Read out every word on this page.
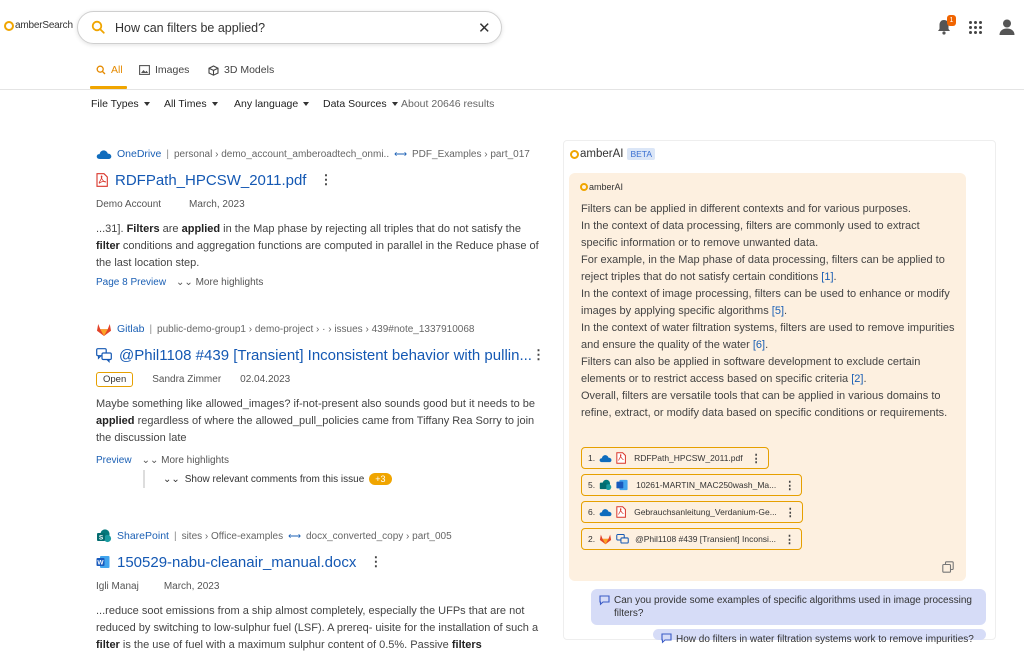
amberSearch	How can filters be applied?	✕	1
All	Images	3D Models
File Types All Times	Any language Data Sources About 20646 results
OneDrive | personal › demo_account_amberoadtech_onmi.. ⟷ PDF_Examples › part_017
RDFPath_HPCSW_2011.pdf ⋮
Demo Account	March, 2023
...31]. Filters are applied in the Map phase by rejecting all triples that do not satisfy the filter conditions and aggregation functions are computed in parallel in the Reduce phase of the last location step.
Page 8 Preview ⌄⌄ More highlights
Gitlab | public-demo-group1 › demo-project › · › issues › 439#note_1337910068
@Phil1108 #439 [Transient] Inconsistent behavior with pullin... ⋮
Open	Sandra Zimmer 02.04.2023
Maybe something like allowed_images? if-not-present also sounds good but it needs to be applied regardless of where the allowed_pull_policies came from Tiffany Rea Sorry to join the discussion late
Preview ⌄⌄ More highlights
⌄⌄ Show relevant comments from this issue	+3
S SharePoint | sites › Office-examples ⟷ docx_converted_copy › part_005
W 150529-nabu-cleanair_manual.docx ⋮
Igli Manaj	March, 2023
...reduce soot emissions from a ship almost completely, especially the UFPs that are not reduced by switching to low-sulphur fuel (LSF). A prereq- uisite for the installation of such a filter is the use of fuel with a maximum sulphur content of 0.5%. Passive filters
amberAI BETA
amberAI
Filters can be applied in different contexts and for various purposes.
In the context of data processing, filters are commonly used to extract specific information or to remove unwanted data.
For example, in the Map phase of data processing, filters can be applied to reject triples that do not satisfy certain conditions [1].
In the context of image processing, filters can be used to enhance or modify images by applying specific algorithms [5].
In the context of water filtration systems, filters are used to remove impurities and ensure the quality of the water [6].
Filters can also be applied in software development to exclude certain elements or to restrict access based on specific criteria [2].
Overall, filters are versatile tools that can be applied in various domains to refine, extract, or modify data based on specific conditions or requirements.
1.	RDFPath_HPCSW_2011.pdf ⋮
5.	10261-MARTIN_MAC250wash_Ma... ⋮
6.	Gebrauchsanleitung_Verdanium-Ge... ⋮
2.	@Phil1108 #439 [Transient] Inconsi... ⋮
Can you provide some examples of specific algorithms used in image processing filters?
How do filters in water filtration systems work to remove impurities?
